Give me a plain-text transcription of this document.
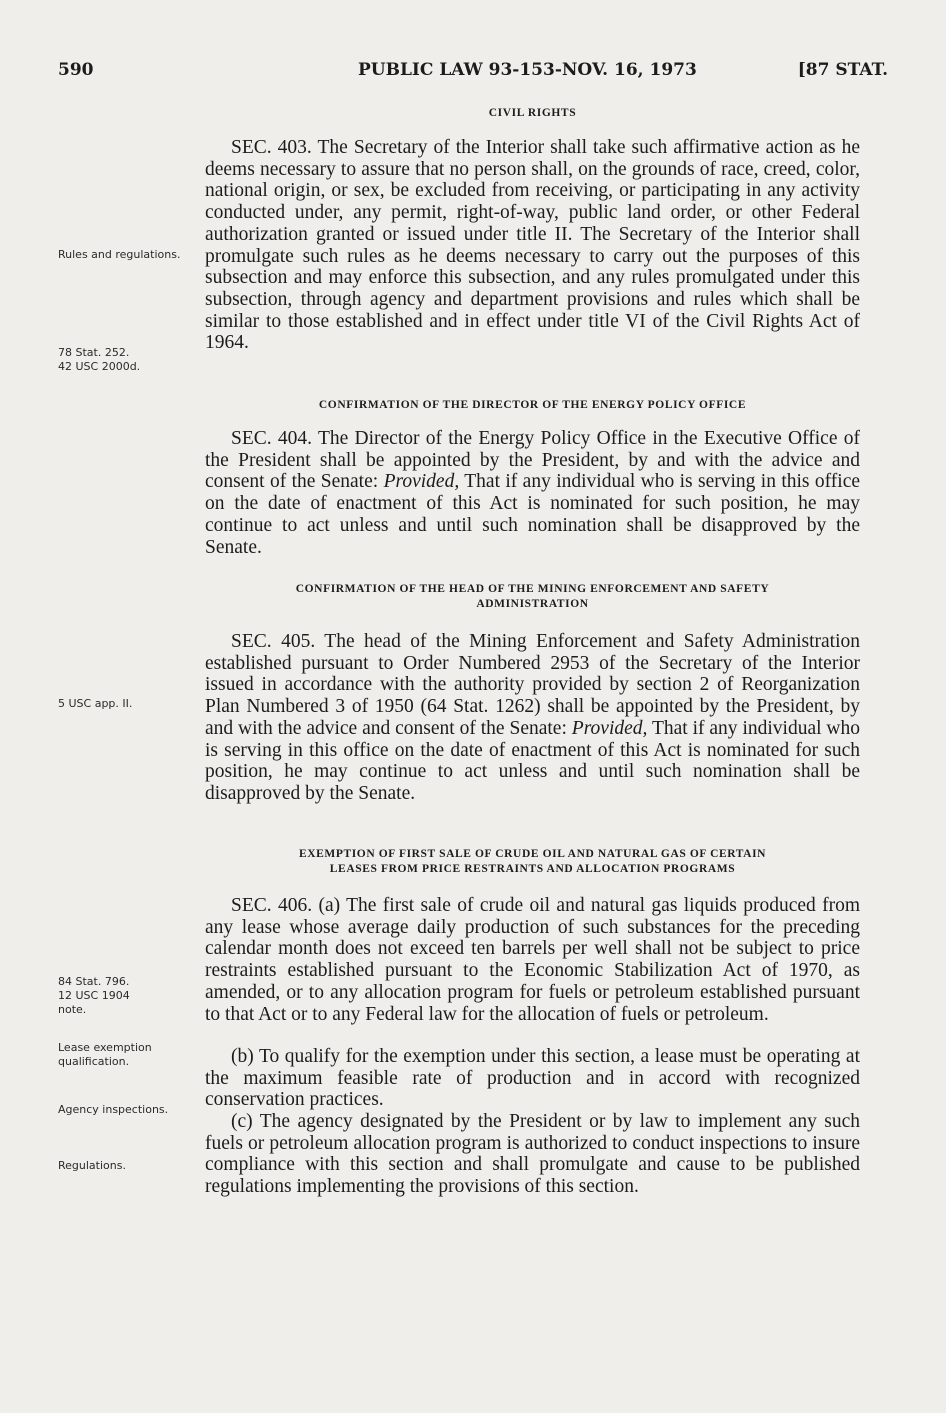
590	PUBLIC LAW 93-153-NOV. 16, 1973	[87 STAT.
CIVIL RIGHTS
SEC. 403. The Secretary of the Interior shall take such affirmative action as he deems necessary to assure that no person shall, on the grounds of race, creed, color, national origin, or sex, be excluded from receiving, or participating in any activity conducted under, any permit, right-of-way, public land order, or other Federal authorization granted or issued under title II. The Secretary of the Interior shall promulgate such rules as he deems necessary to carry out the purposes of this subsection and may enforce this subsection, and any rules promulgated under this subsection, through agency and department provisions and rules which shall be similar to those established and in effect under title VI of the Civil Rights Act of 1964.
CONFIRMATION OF THE DIRECTOR OF THE ENERGY POLICY OFFICE
SEC. 404. The Director of the Energy Policy Office in the Executive Office of the President shall be appointed by the President, by and with the advice and consent of the Senate: Provided, That if any individual who is serving in this office on the date of enactment of this Act is nominated for such position, he may continue to act unless and until such nomination shall be disapproved by the Senate.
CONFIRMATION OF THE HEAD OF THE MINING ENFORCEMENT AND SAFETY
ADMINISTRATION
SEC. 405. The head of the Mining Enforcement and Safety Administration established pursuant to Order Numbered 2953 of the Secretary of the Interior issued in accordance with the authority provided by section 2 of Reorganization Plan Numbered 3 of 1950 (64 Stat. 1262) shall be appointed by the President, by and with the advice and consent of the Senate: Provided, That if any individual who is serving in this office on the date of enactment of this Act is nominated for such position, he may continue to act unless and until such nomination shall be disapproved by the Senate.
EXEMPTION OF FIRST SALE OF CRUDE OIL AND NATURAL GAS OF CERTAIN
LEASES FROM PRICE RESTRAINTS AND ALLOCATION PROGRAMS
SEC. 406. (a) The first sale of crude oil and natural gas liquids produced from any lease whose average daily production of such substances for the preceding calendar month does not exceed ten barrels per well shall not be subject to price restraints established pursuant to the Economic Stabilization Act of 1970, as amended, or to any allocation program for fuels or petroleum established pursuant to that Act or to any Federal law for the allocation of fuels or petroleum.
(b) To qualify for the exemption under this section, a lease must be operating at the maximum feasible rate of production and in accord with recognized conservation practices.
(c) The agency designated by the President or by law to implement any such fuels or petroleum allocation program is authorized to conduct inspections to insure compliance with this section and shall promulgate and cause to be published regulations implementing the provisions of this section.
Rules and regulations.
78 Stat. 252.
42 USC 2000d.
5 USC app. II.
84 Stat. 796.
12 USC 1904
note.
Lease exemption qualification.
Agency inspections.
Regulations.
